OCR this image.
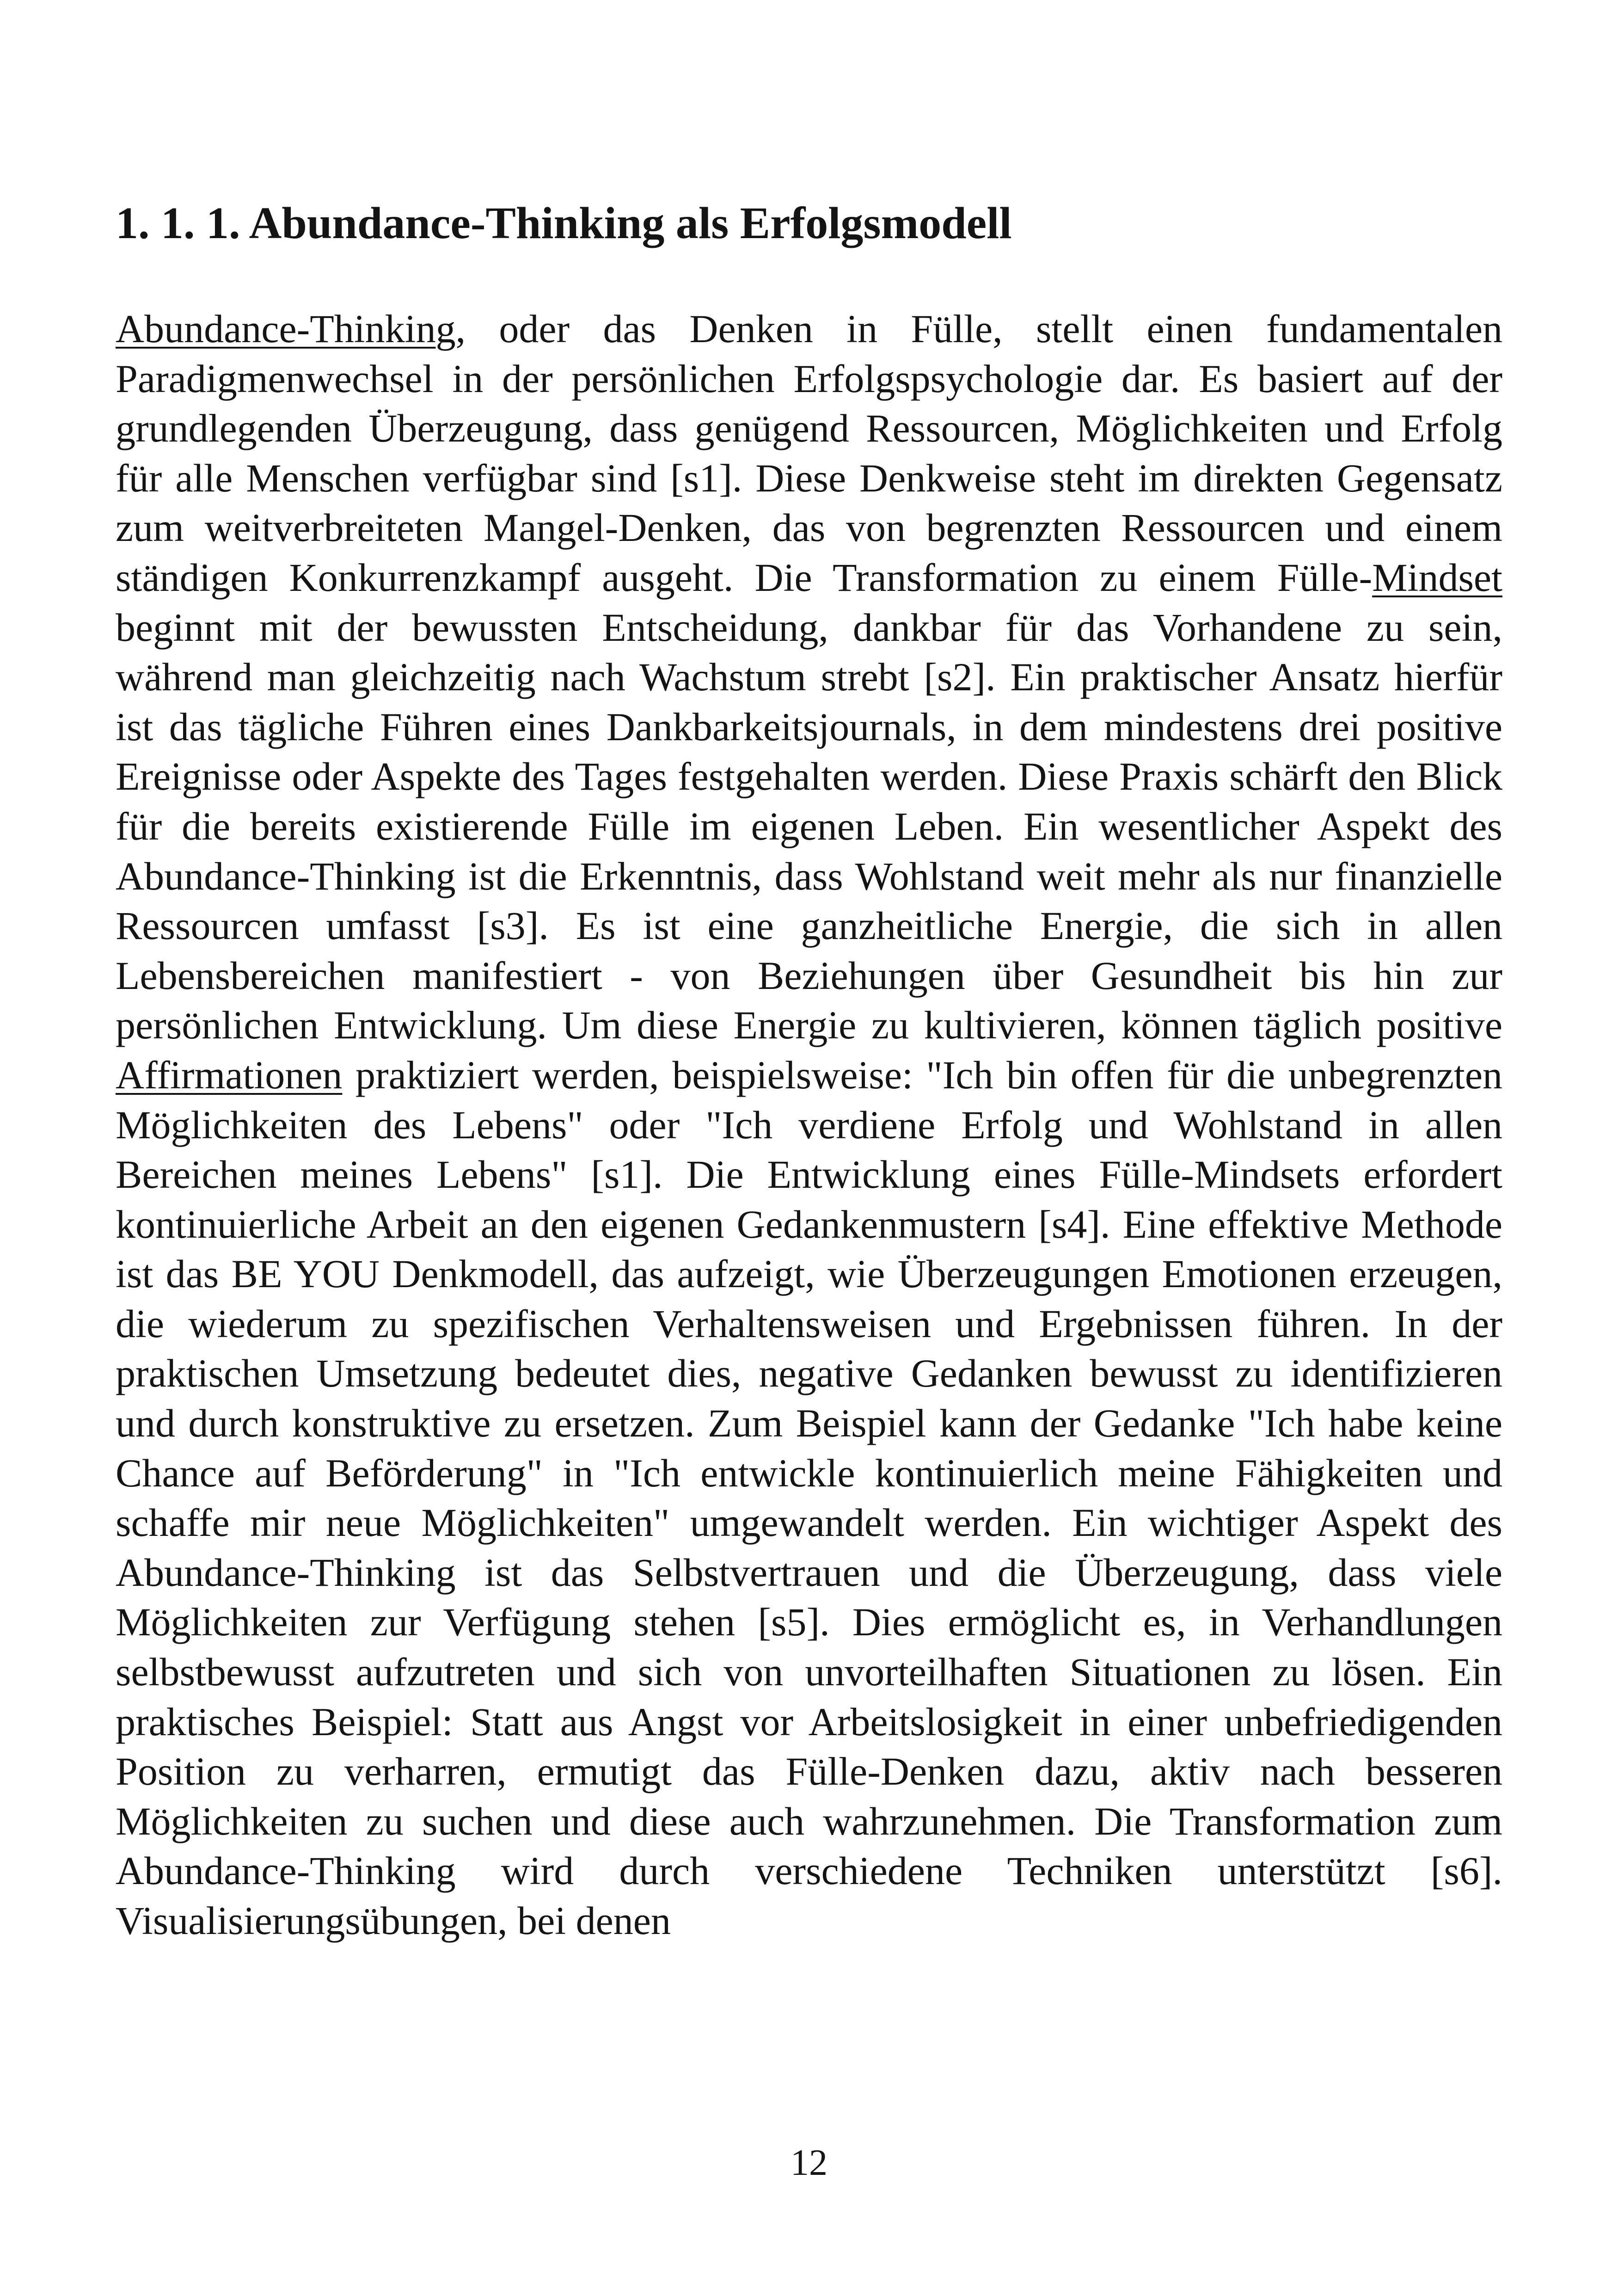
1. 1. 1. Abundance-Thinking als Erfolgsmodell

Abundance-Thinking, oder das Denken in Fülle, stellt einen fundamentalen Paradigmenwechsel in der persönlichen Erfolgspsychologie dar. Es basiert auf der grundlegenden Überzeugung, dass genügend Ressourcen, Möglichkeiten und Erfolg für alle Menschen verfügbar sind [s1]. Diese Denkweise steht im direkten Gegensatz zum weitverbreiteten Mangel-Denken, das von begrenzten Ressourcen und einem ständigen Konkurrenzkampf ausgeht. Die Transformation zu einem Fülle-Mindset beginnt mit der bewussten Entscheidung, dankbar für das Vorhandene zu sein, während man gleichzeitig nach Wachstum strebt [s2]. Ein praktischer Ansatz hierfür ist das tägliche Führen eines Dankbarkeitsjournals, in dem mindestens drei positive Ereignisse oder Aspekte des Tages festgehalten werden. Diese Praxis schärft den Blick für die bereits existierende Fülle im eigenen Leben. Ein wesentlicher Aspekt des Abundance-Thinking ist die Erkenntnis, dass Wohlstand weit mehr als nur finanzielle Ressourcen umfasst [s3]. Es ist eine ganzheitliche Energie, die sich in allen Lebensbereichen manifestiert - von Beziehungen über Gesundheit bis hin zur persönlichen Entwicklung. Um diese Energie zu kultivieren, können täglich positive Affirmationen praktiziert werden, beispielsweise: "Ich bin offen für die unbegrenzten Möglichkeiten des Lebens" oder "Ich verdiene Erfolg und Wohlstand in allen Bereichen meines Lebens" [s1]. Die Entwicklung eines Fülle-Mindsets erfordert kontinuierliche Arbeit an den eigenen Gedankenmustern [s4]. Eine effektive Methode ist das BE YOU Denkmodell, das aufzeigt, wie Überzeugungen Emotionen erzeugen, die wiederum zu spezifischen Verhaltensweisen und Ergebnissen führen. In der praktischen Umsetzung bedeutet dies, negative Gedanken bewusst zu identifizieren und durch konstruktive zu ersetzen. Zum Beispiel kann der Gedanke "Ich habe keine Chance auf Beförderung" in "Ich entwickle kontinuierlich meine Fähigkeiten und schaffe mir neue Möglichkeiten" umgewandelt werden. Ein wichtiger Aspekt des Abundance-Thinking ist das Selbstvertrauen und die Überzeugung, dass viele Möglichkeiten zur Verfügung stehen [s5]. Dies ermöglicht es, in Verhandlungen selbstbewusst aufzutreten und sich von unvorteilhaften Situationen zu lösen. Ein praktisches Beispiel: Statt aus Angst vor Arbeitslosigkeit in einer unbefriedigenden Position zu verharren, ermutigt das Fülle-Denken dazu, aktiv nach besseren Möglichkeiten zu suchen und diese auch wahrzunehmen. Die Transformation zum Abundance-Thinking wird durch verschiedene Techniken unterstützt [s6]. Visualisierungsübungen, bei denen

12
